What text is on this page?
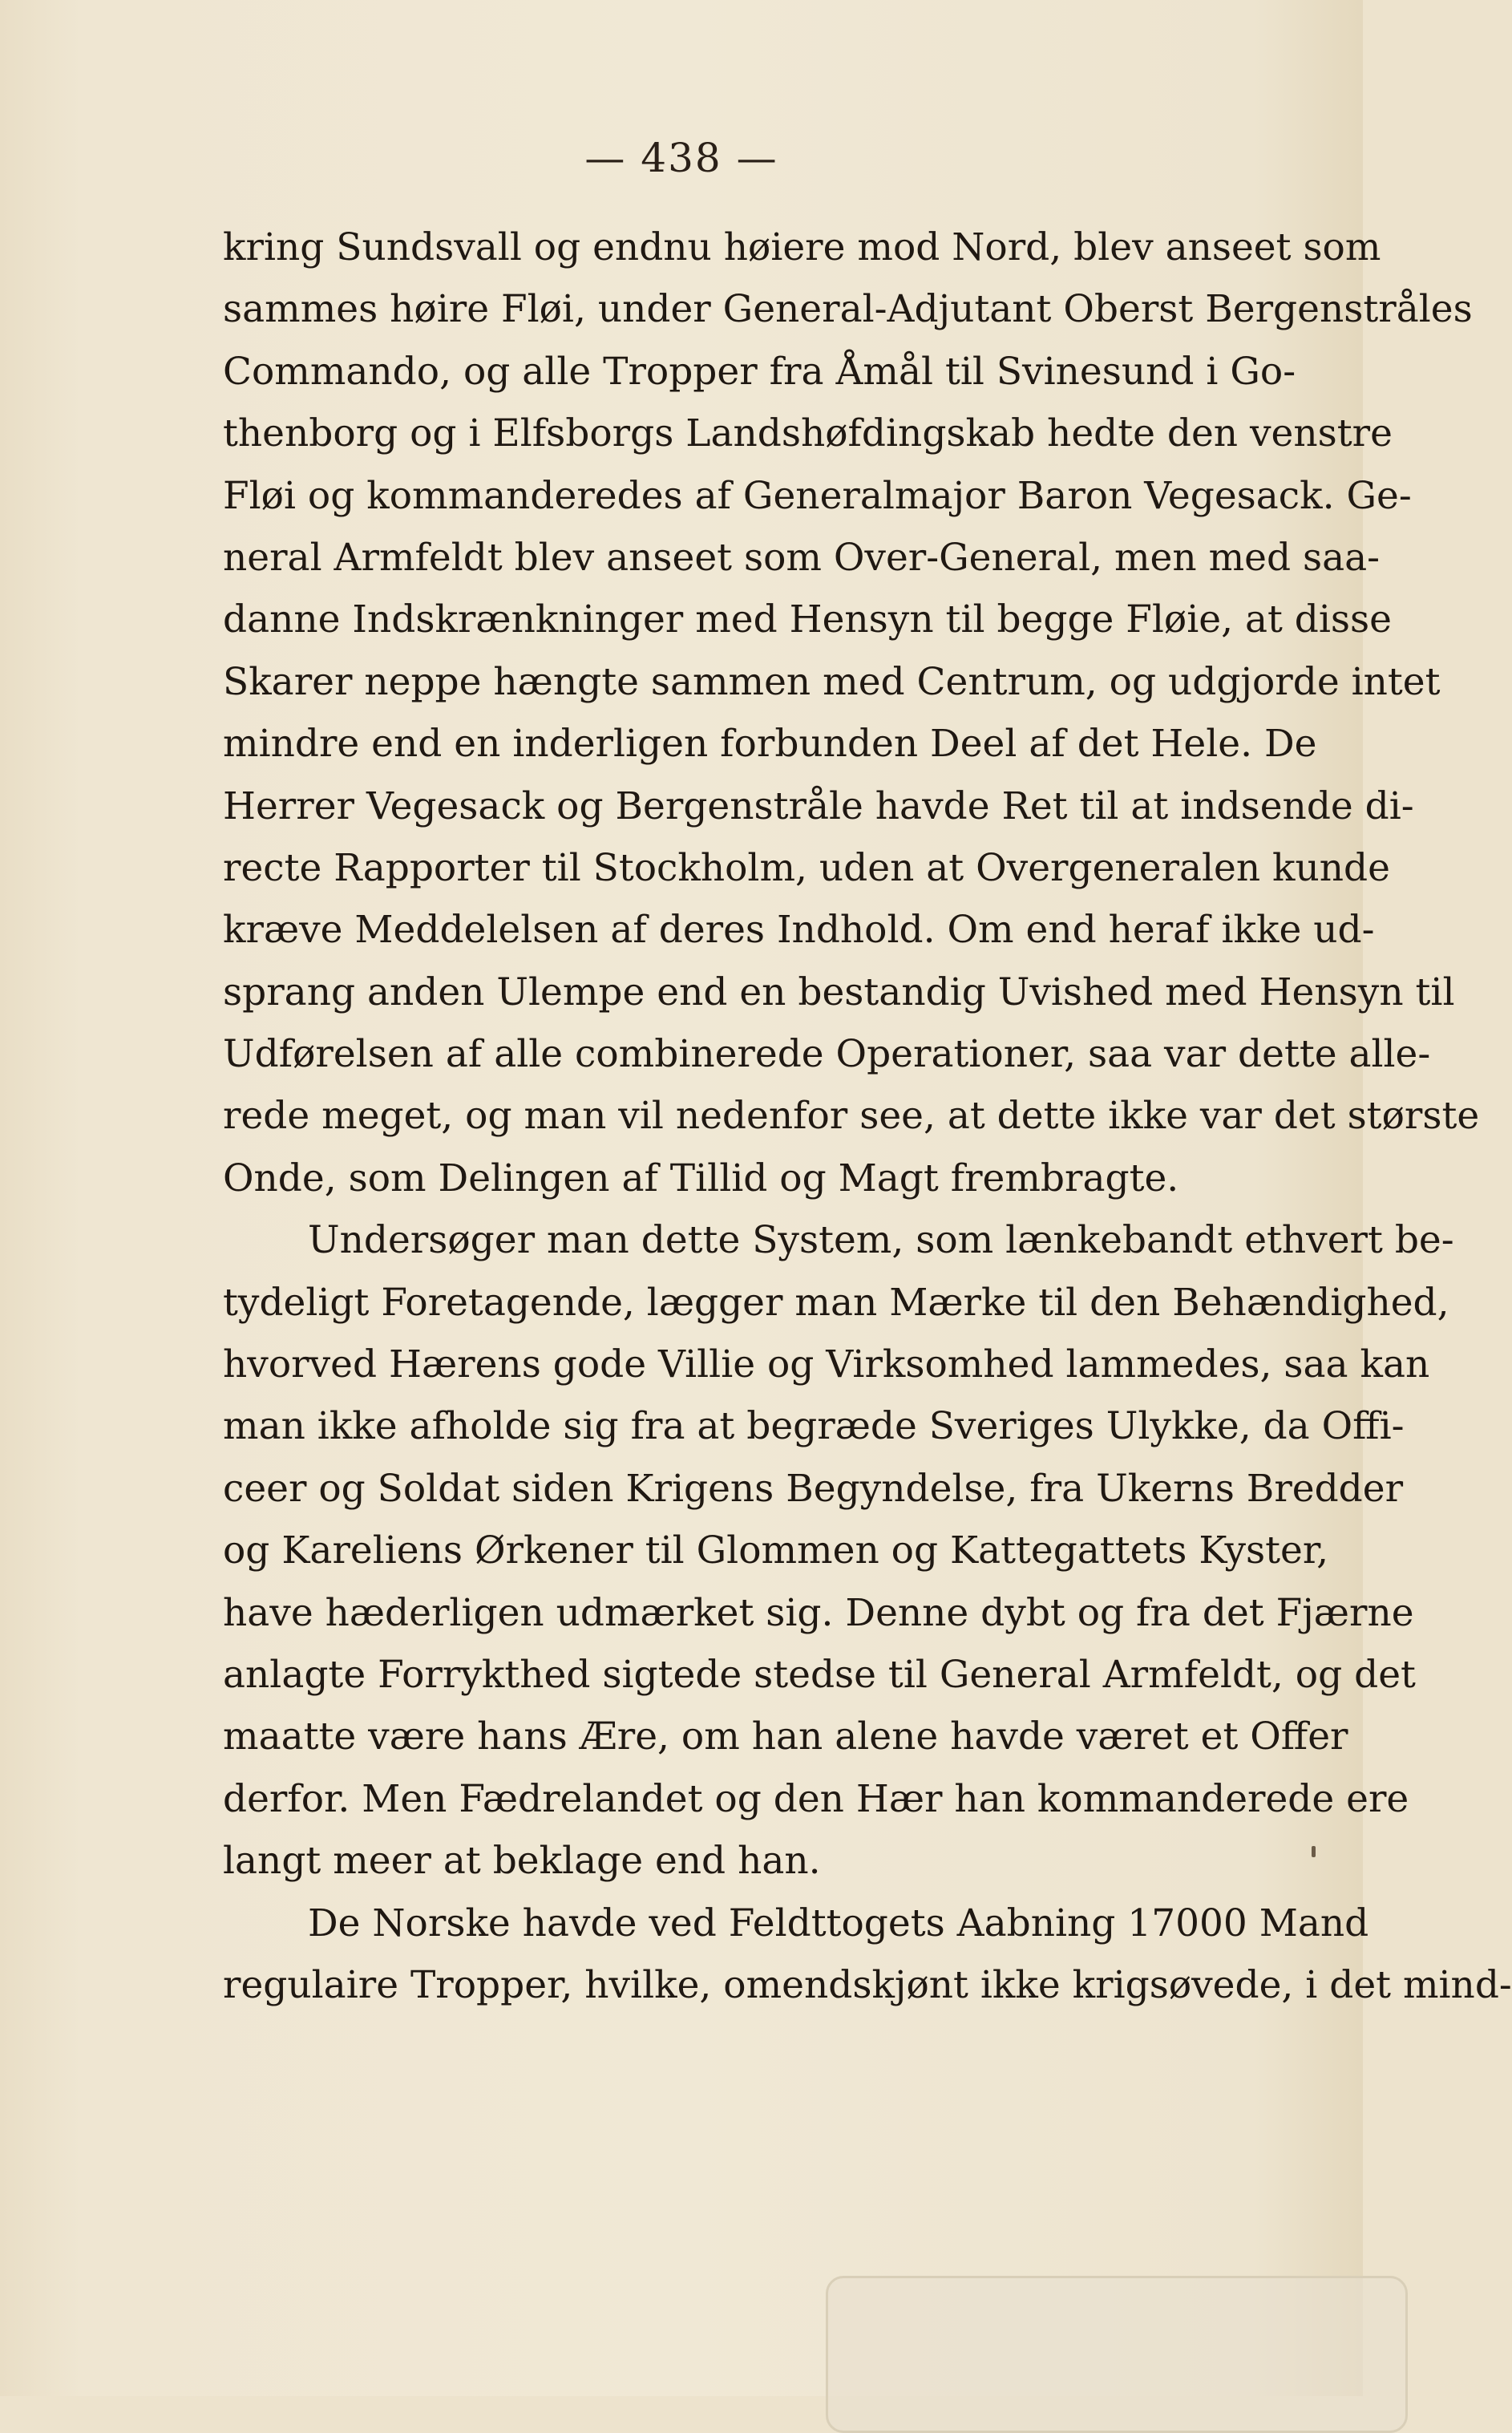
— 438 —
kring Sundsvall og endnu høiere mod Nord, blev anseet som
sammes høire Fløi, under General-Adjutant Oberst Bergenstråles
Commando, og alle Tropper fra Åmål til Svinesund i Go-
thenborg og i Elfsborgs Landshøfdingskab hedte den venstre
Fløi og kommanderedes af Generalmajor Baron Vegesack. Ge-
neral Armfeldt blev anseet som Over-General, men med saa-
danne Indskrænkninger med Hensyn til begge Fløie, at disse
Skarer neppe hængte sammen med Centrum, og udgjorde intet
mindre end en inderligen forbunden Deel af det Hele. De
Herrer Vegesack og Bergenstråle havde Ret til at indsende di-
recte Rapporter til Stockholm, uden at Overgeneralen kunde
kræve Meddelelsen af deres Indhold. Om end heraf ikke ud-
sprang anden Ulempe end en bestandig Uvished med Hensyn til
Udførelsen af alle combinerede Operationer, saa var dette alle-
rede meget, og man vil nedenfor see, at dette ikke var det største
Onde, som Delingen af Tillid og Magt frembragte.
Undersøger man dette System, som lænkebandt ethvert be-
tydeligt Foretagende, lægger man Mærke til den Behændighed,
hvorved Hærens gode Villie og Virksomhed lammedes, saa kan
man ikke afholde sig fra at begræde Sveriges Ulykke, da Offi-
ceer og Soldat siden Krigens Begyndelse, fra Ukerns Bredder
og Kareliens Ørkener til Glommen og Kattegattets Kyster,
have hæderligen udmærket sig. Denne dybt og fra det Fjærne
anlagte Forrykthed sigtede stedse til General Armfeldt, og det
maatte være hans Ære, om han alene havde været et Offer
derfor. Men Fædrelandet og den Hær han kommanderede ere
langt meer at beklage end han.
De Norske havde ved Feldttogets Aabning 17000 Mand
regulaire Tropper, hvilke, omendskjønt ikke krigsøvede, i det mind-
